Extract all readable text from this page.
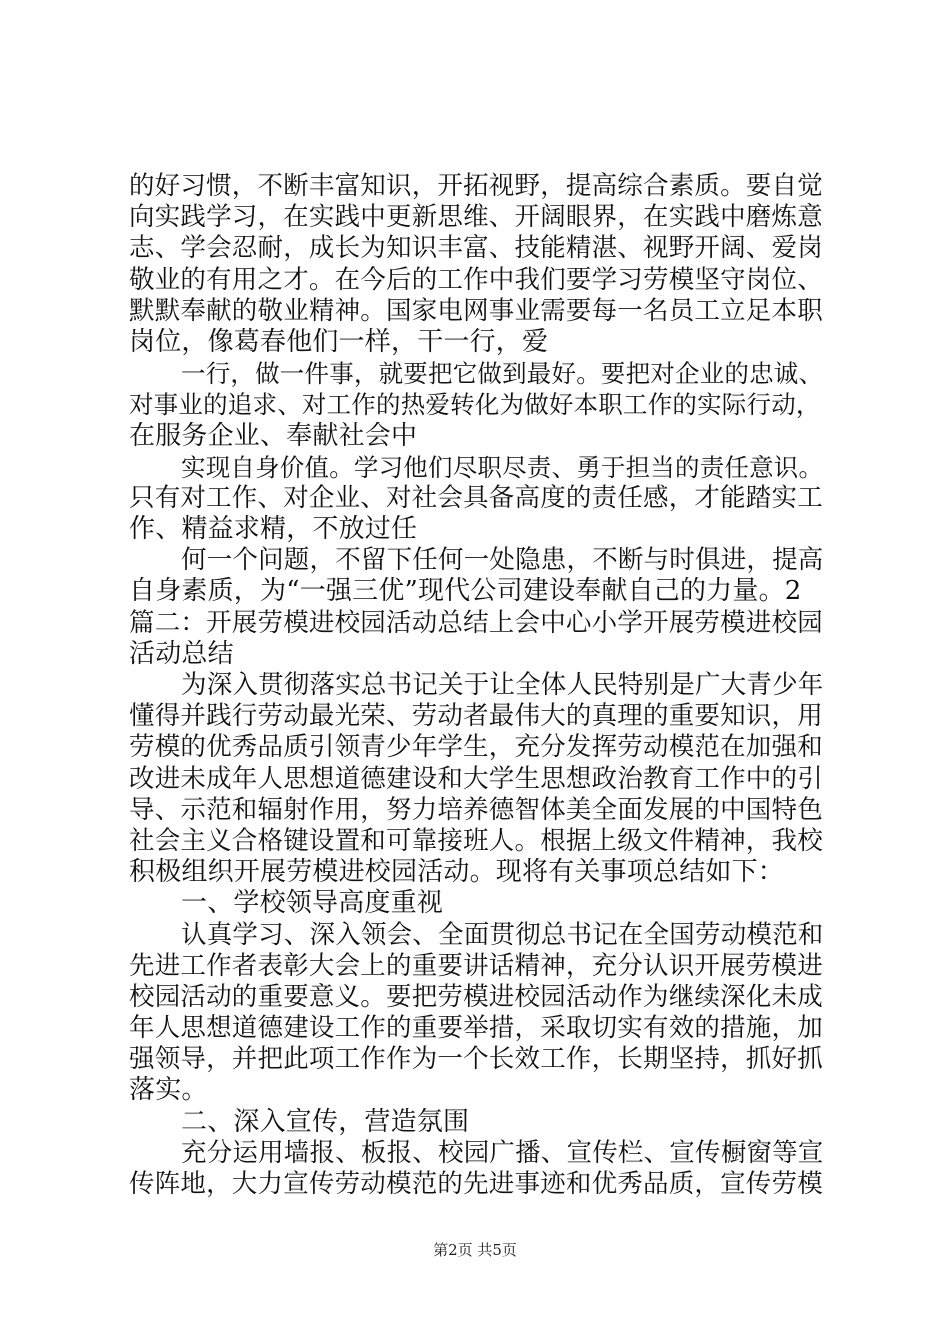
的好习惯，不断丰富知识，开拓视野，提高综合素质。要自觉
向实践学习，在实践中更新思维、开阔眼界，在实践中磨炼意
志、学会忍耐，成长为知识丰富、技能精湛、视野开阔、爱岗
敬业的有用之才。在今后的工作中我们要学习劳模坚守岗位、
默默奉献的敬业精神。国家电网事业需要每一名员工立足本职
岗位，像葛春他们一样，干一行，爱
一行，做一件事，就要把它做到最好。要把对企业的忠诚、
对事业的追求、对工作的热爱转化为做好本职工作的实际行动，
在服务企业、奉献社会中
实现自身价值。学习他们尽职尽责、勇于担当的责任意识。
只有对工作、对企业、对社会具备高度的责任感，才能踏实工
作、精益求精，不放过任
何一个问题，不留下任何一处隐患，不断与时俱进，提高
自身素质，为“一强三优”现代公司建设奉献自己的力量。2
篇二：开展劳模进校园活动总结上会中心小学开展劳模进校园
活动总结
为深入贯彻落实总书记关于让全体人民特别是广大青少年
懂得并践行劳动最光荣、劳动者最伟大的真理的重要知识，用
劳模的优秀品质引领青少年学生，充分发挥劳动模范在加强和
改进未成年人思想道德建设和大学生思想政治教育工作中的引
导、示范和辐射作用，努力培养德智体美全面发展的中国特色
社会主义合格键设置和可靠接班人。根据上级文件精神，我校
积极组织开展劳模进校园活动。现将有关事项总结如下：
一、学校领导高度重视
认真学习、深入领会、全面贯彻总书记在全国劳动模范和
先进工作者表彰大会上的重要讲话精神，充分认识开展劳模进
校园活动的重要意义。要把劳模进校园活动作为继续深化未成
年人思想道德建设工作的重要举措，采取切实有效的措施，加
强领导，并把此项工作作为一个长效工作，长期坚持，抓好抓
落实。
二、深入宣传，营造氛围
充分运用墙报、板报、校园广播、宣传栏、宣传橱窗等宣
传阵地，大力宣传劳动模范的先进事迹和优秀品质，宣传劳模
第2页 共5页
